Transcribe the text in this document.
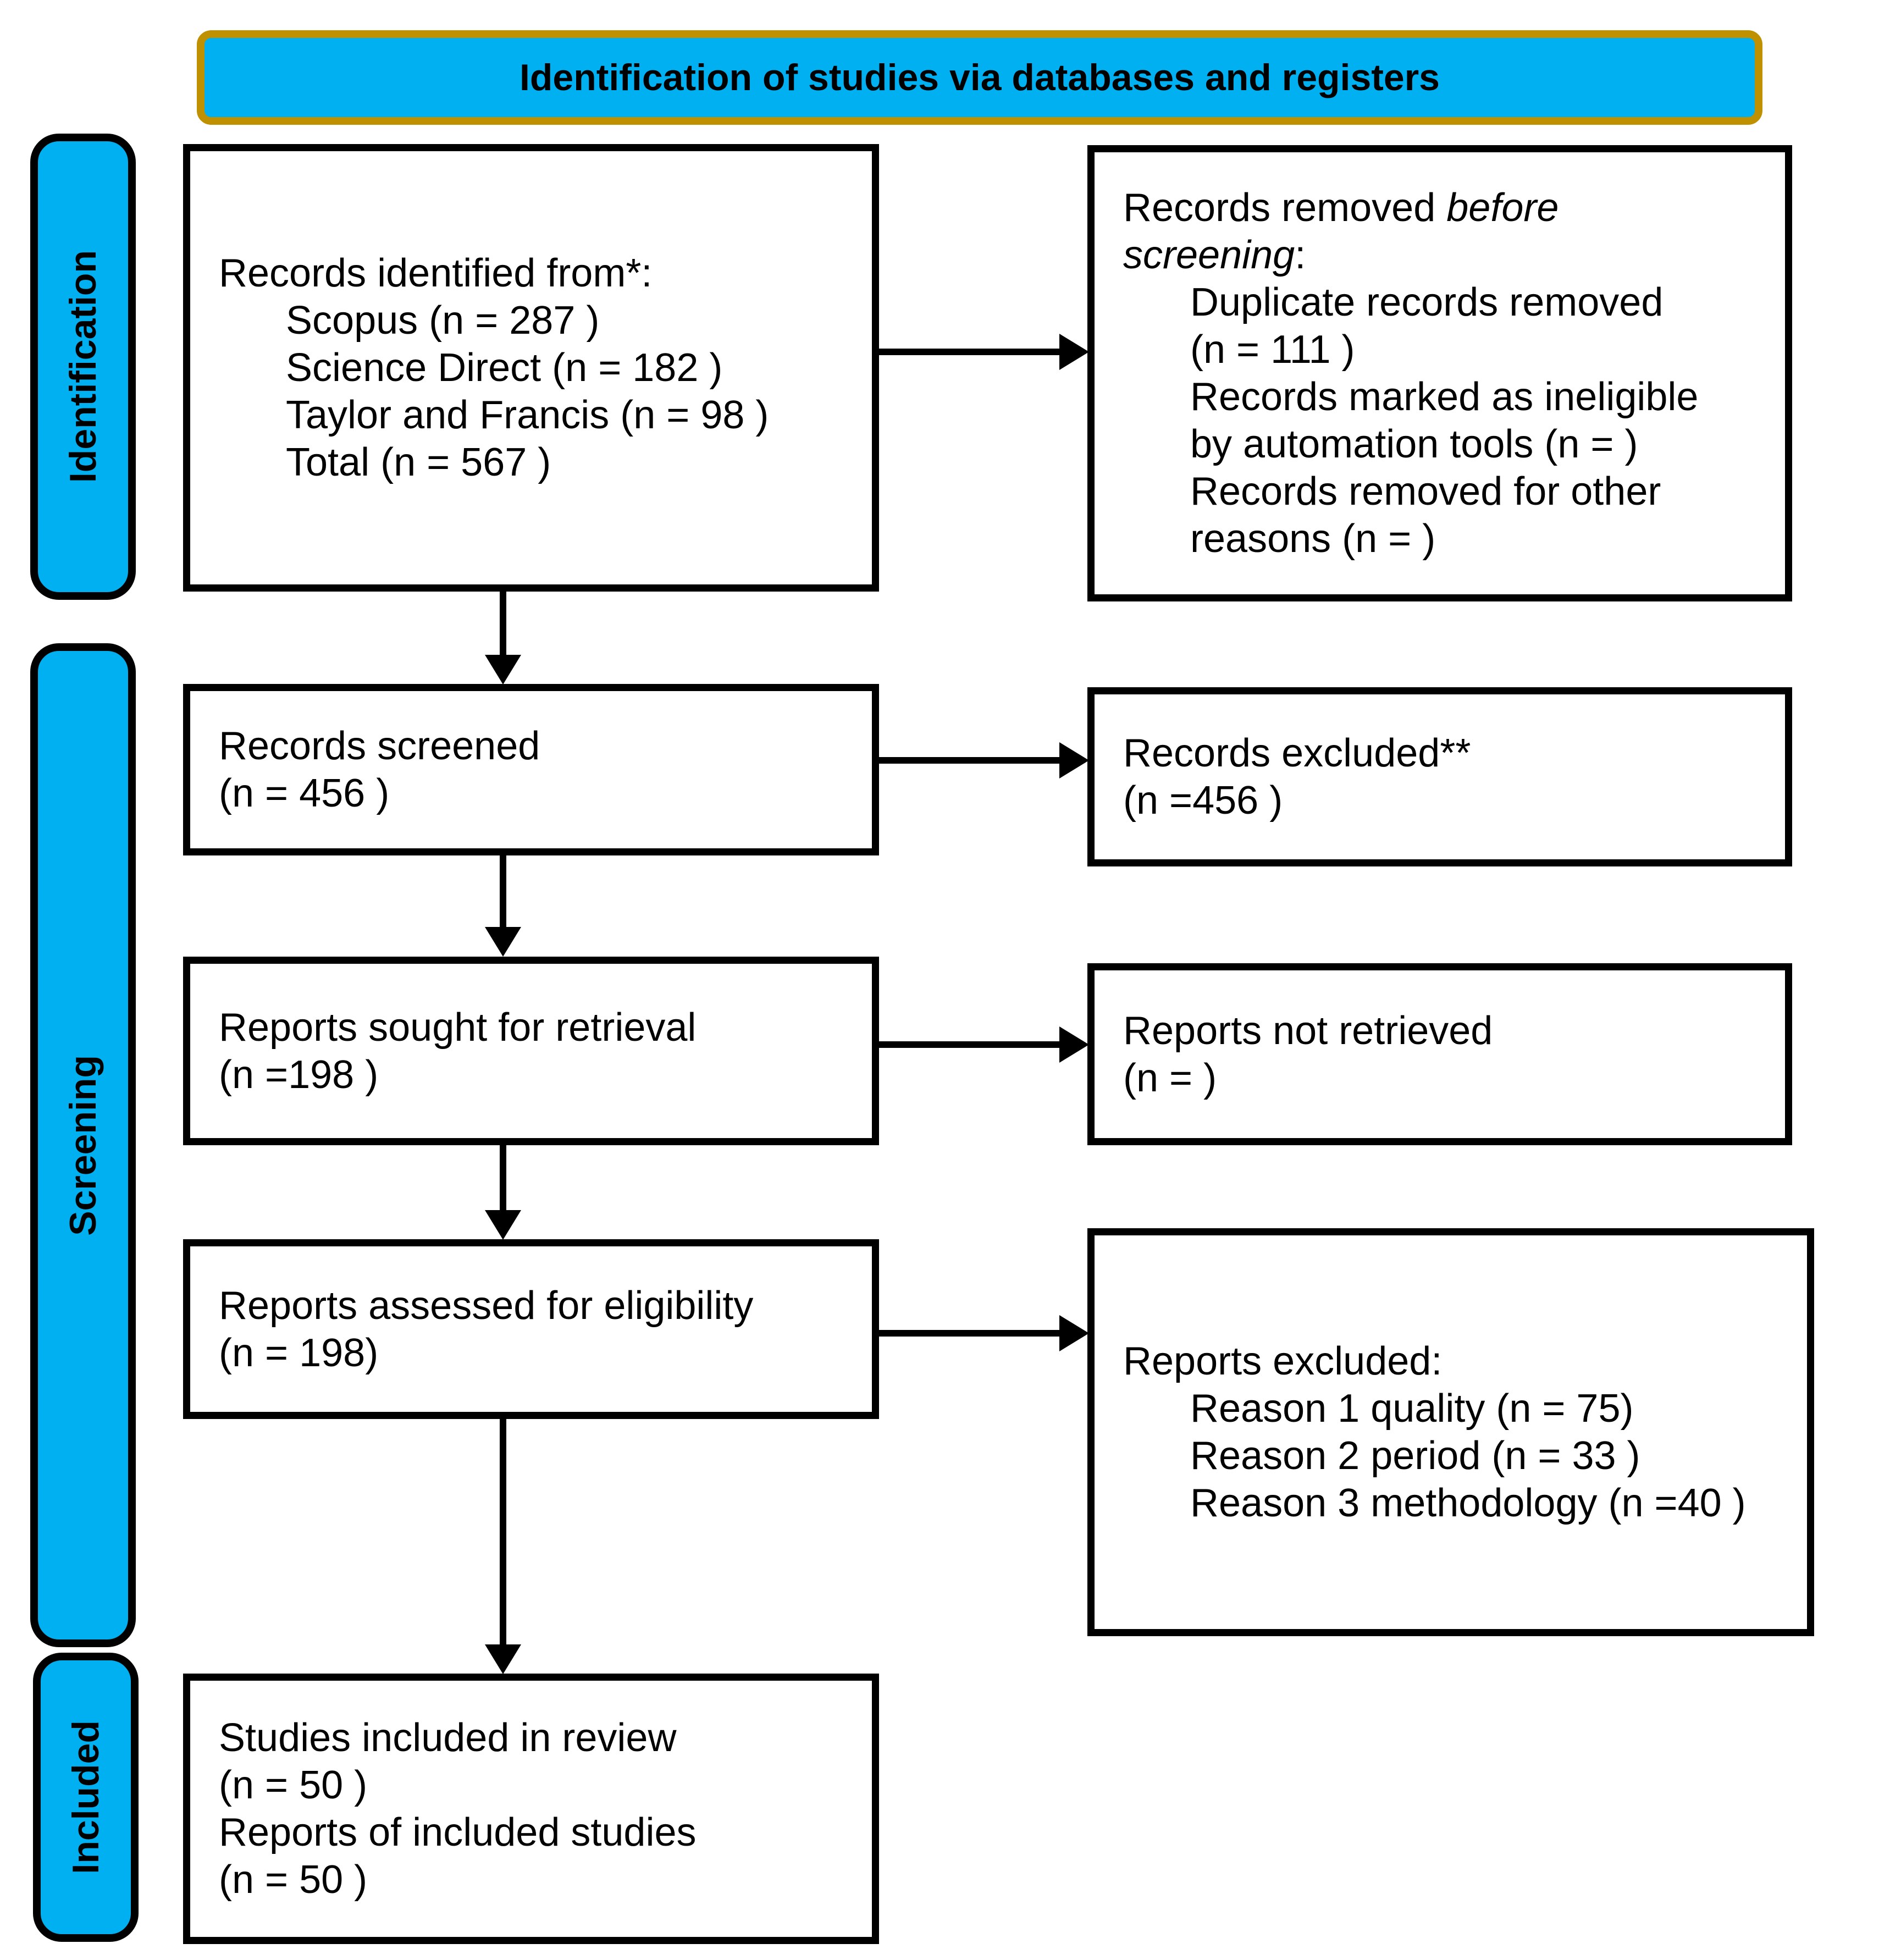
Identification of studies via databases and registers
Identification
Screening
Included
Records identified from*:
Scopus (n = 287 )
Science Direct (n = 182 )
Taylor and Francis (n = 98 )
Total (n = 567 )
Records removed before
screening:
Duplicate records removed
(n = 111 )
Records marked as ineligible
by automation tools (n = )
Records removed for other
reasons (n = )
Records screened
(n = 456 )
Records excluded**
(n =456 )
Reports sought for retrieval
(n =198 )
Reports not retrieved
(n = )
Reports assessed for eligibility
(n = 198)	Reports excluded:
Reason 1 quality (n = 75)
Reason 2 period (n = 33 )
Reason 3 methodology (n =40 )
Studies included in review
(n = 50 )
Reports of included studies
(n = 50 )
